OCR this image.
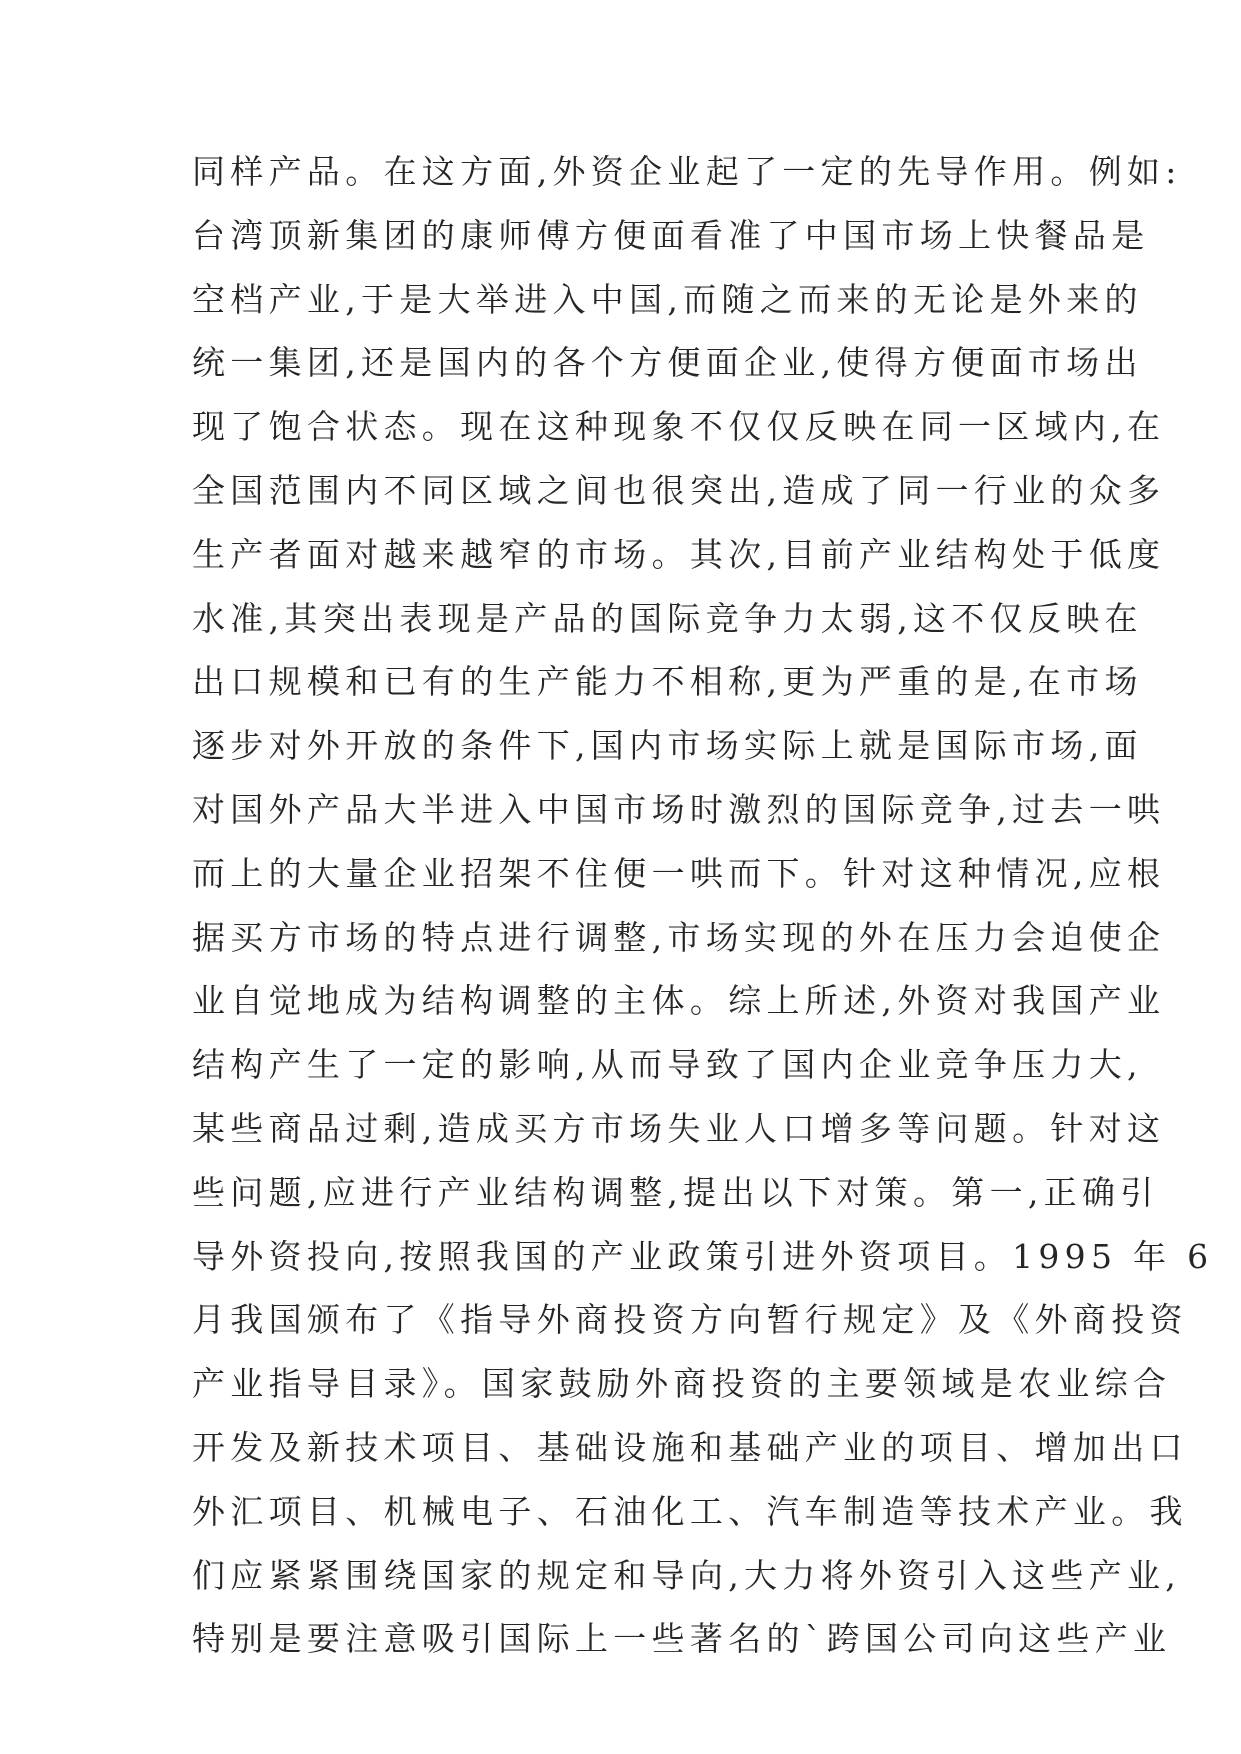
同样产品。在这方面,外资企业起了一定的先导作用。例如:
台湾顶新集团的康师傅方便面看准了中国市场上快餐品是
空档产业,于是大举进入中国,而随之而来的无论是外来的
统一集团,还是国内的各个方便面企业,使得方便面市场出
现了饱合状态。现在这种现象不仅仅反映在同一区域内,在
全国范围内不同区域之间也很突出,造成了同一行业的众多
生产者面对越来越窄的市场。其次,目前产业结构处于低度
水准,其突出表现是产品的国际竞争力太弱,这不仅反映在
出口规模和已有的生产能力不相称,更为严重的是,在市场
逐步对外开放的条件下,国内市场实际上就是国际市场,面
对国外产品大半进入中国市场时激烈的国际竞争,过去一哄
而上的大量企业招架不住便一哄而下。针对这种情况,应根
据买方市场的特点进行调整,市场实现的外在压力会迫使企
业自觉地成为结构调整的主体。综上所述,外资对我国产业
结构产生了一定的影响,从而导致了国内企业竞争压力大,
某些商品过剩,造成买方市场失业人口增多等问题。针对这
些问题,应进行产业结构调整,提出以下对策。第一,正确引
导外资投向,按照我国的产业政策引进外资项目。1995 年 6
月我国颁布了《指导外商投资方向暂行规定》及《外商投资
产业指导目录》。国家鼓励外商投资的主要领域是农业综合
开发及新技术项目、基础设施和基础产业的项目、增加出口
外汇项目、机械电子、石油化工、汽车制造等技术产业。我
们应紧紧围绕国家的规定和导向,大力将外资引入这些产业,
特别是要注意吸引国际上一些著名的`跨国公司向这些产业
